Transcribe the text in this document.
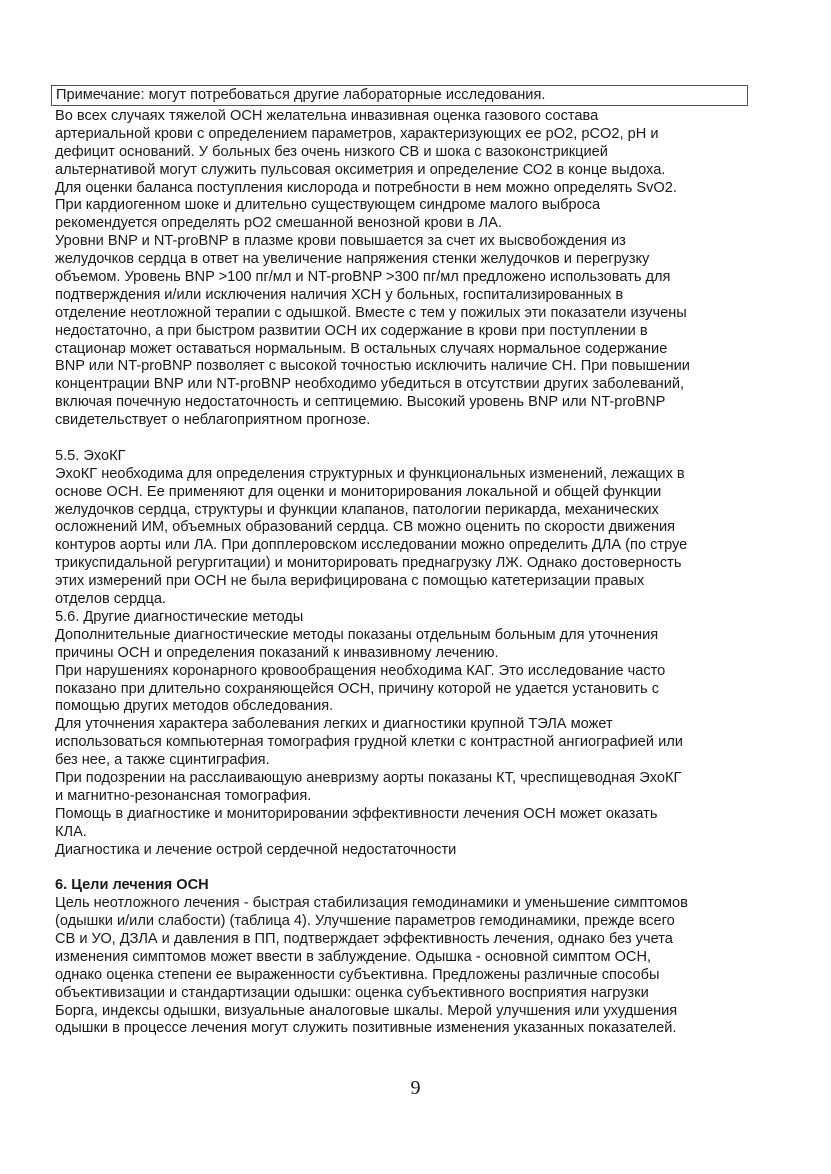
Примечание: могут потребоваться другие лабораторные исследования.
Во всех случаях тяжелой ОСН желательна инвазивная оценка газового состава
артериальной крови с определением параметров, характеризующих ее pO2, pCO2, pH и
дефицит оснований. У больных без очень низкого СВ и шока с вазоконстрикцией
альтернативой могут служить пульсовая оксиметрия и определение СО2 в конце выдоха.
Для оценки баланса поступления кислорода и потребности в нем можно определять SvO2.
При кардиогенном шоке и длительно существующем синдроме малого выброса
рекомендуется определять pO2 смешанной венозной крови в ЛА.
Уровни BNP и NT-proBNP в плазме крови повышается за счет их высвобождения из
желудочков сердца в ответ на увеличение напряжения стенки желудочков и перегрузку
объемом. Уровень BNP >100 пг/мл и NT-proBNP >300 пг/мл предложено использовать для
подтверждения и/или исключения наличия ХСН у больных, госпитализированных в
отделение неотложной терапии с одышкой. Вместе с тем у пожилых эти показатели изучены
недостаточно, а при быстром развитии ОСН их содержание в крови при поступлении в
стационар может оставаться нормальным. В остальных случаях нормальное содержание
BNP или NT-proBNP позволяет с высокой точностью исключить наличие СН. При повышении
концентрации BNP или NT-proBNP необходимо убедиться в отсутствии других заболеваний,
включая почечную недостаточность и септицемию. Высокий уровень BNP или NT-proBNP
свидетельствует о неблагоприятном прогнозе.
5.5. ЭхоКГ
ЭхоКГ необходима для определения структурных и функциональных изменений, лежащих в
основе ОСН. Ее применяют для оценки и мониторирования локальной и общей функции
желудочков сердца, структуры и функции клапанов, патологии перикарда, механических
осложнений ИМ, объемных образований сердца. СВ можно оценить по скорости движения
контуров аорты или ЛА. При допплеровском исследовании можно определить ДЛА (по струе
трикуспидальной регургитации) и мониторировать преднагрузку ЛЖ. Однако достоверность
этих измерений при ОСН не была верифицирована с помощью катетеризации правых
отделов сердца.
5.6. Другие диагностические методы
Дополнительные диагностические методы показаны отдельным больным для уточнения
причины ОСН и определения показаний к инвазивному лечению.
При нарушениях коронарного кровообращения необходима КАГ. Это исследование часто
показано при длительно сохраняющейся ОСН, причину которой не удается установить с
помощью других методов обследования.
Для уточнения характера заболевания легких и диагностики крупной ТЭЛА может
использоваться компьютерная томография грудной клетки с контрастной ангиографией или
без нее, а также сцинтиграфия.
При подозрении на расслаивающую аневризму аорты показаны КТ, чреспищеводная ЭхоКГ
и магнитно-резонансная томография.
Помощь в диагностике и мониторировании эффективности лечения ОСН может оказать
КЛА.
Диагностика и лечение острой сердечной недостаточности
6. Цели лечения ОСН
Цель неотложного лечения - быстрая стабилизация гемодинамики и уменьшение симптомов
(одышки и/или слабости) (таблица 4). Улучшение параметров гемодинамики, прежде всего
СВ и УО, ДЗЛА и давления в ПП, подтверждает эффективность лечения, однако без учета
изменения симптомов может ввести в заблуждение. Одышка - основной симптом ОСН,
однако оценка степени ее выраженности субъективна. Предложены различные способы
объективизации и стандартизации одышки: оценка субъективного восприятия нагрузки
Борга, индексы одышки, визуальные аналоговые шкалы. Мерой улучшения или ухудшения
одышки в процессе лечения могут служить позитивные изменения указанных показателей.
9
